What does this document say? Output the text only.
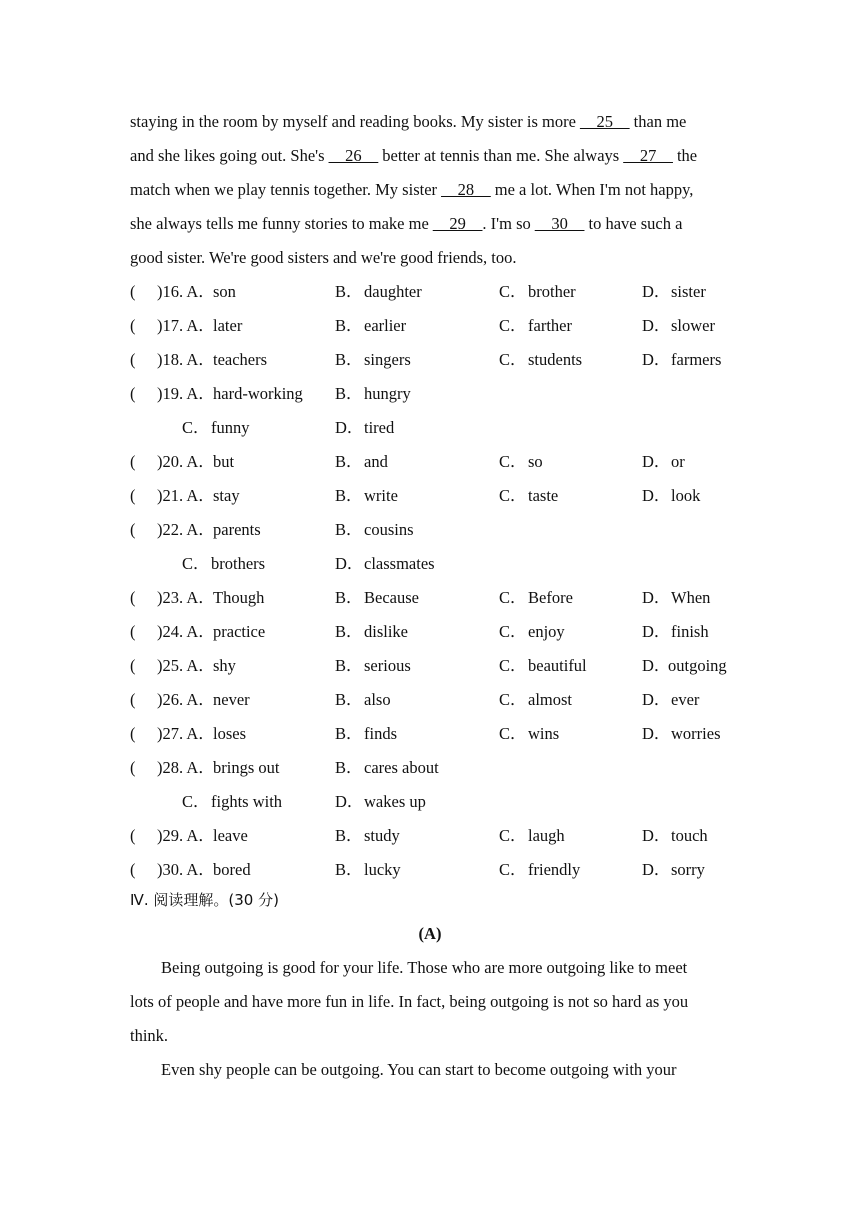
staying in the room by myself and reading books. My sister is more __25__ than me
and she likes going out. She's __26__ better at tennis than me. She always __27__ the
match when we play tennis together. My sister __28__ me a lot. When I'm not happy,
she always tells me funny stories to make me __29__. I'm so __30__ to have such a
good sister. We're good sisters and we're good friends, too.
( )16. A．
son	B． daughter	C． brother	D． sister
( )17. A．
later	B． earlier	C． farther	D． slower
( )18. A．
teachers	B． singers	C． students	D． farmers
( )19. A．
hard-working B． hungry
C． funny	D． tired
( )20. A．
but	B． and	C． so	D． or
( )21. A．
stay	B． write	C． taste	D． look
( )22. A．
parents	B． cousins
C． brothers	D． classmates
( )23. A．
Though	B． Because	C． Before	D． When
( )24. A．
practice	B． dislike	C． enjoy	D． finish
( )25. A．
shy	B． serious	C． beautiful	D．
outgoing
( )26. A．
never	B． also	C． almost	D． ever
( )27. A．
loses	B． finds	C． wins	D． worries
( )28. A．
brings out	B． cares about
C． fights with	D． wakes up
( )29. A．
leave	B． study	C． laugh	D． touch
( )30. A．
bored	B． lucky	C． friendly	D． sorry
Ⅳ. 阅读理解。(30 分)
(A)
Being outgoing is good for your life. Those who are more outgoing like to meet
lots of people and have more fun in life. In fact, being outgoing is not so hard as you
think.
Even shy people can be outgoing. You can start to become outgoing with your
